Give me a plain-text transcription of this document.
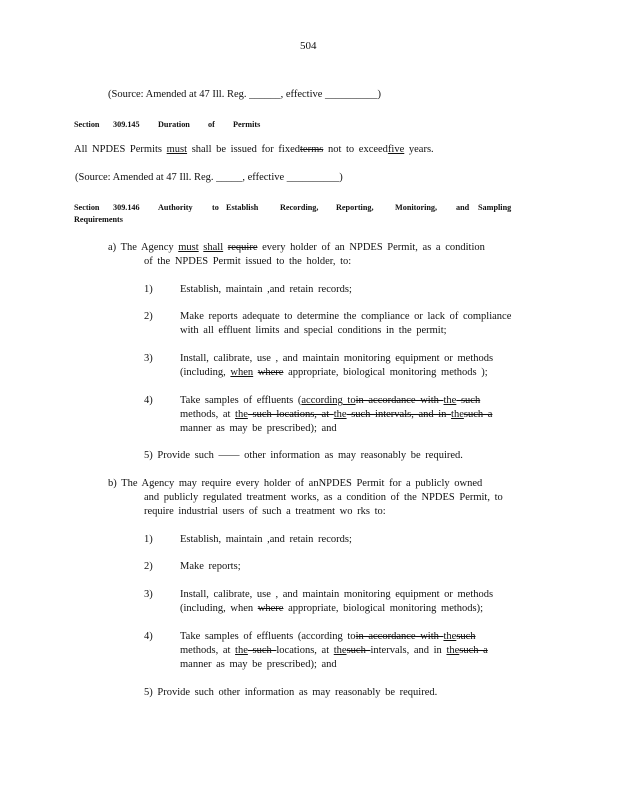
504
(Source: Amended at 47 Ill. Reg. ______, effective __________)
Section 309.145 Duration of Permits
All NPDES Permits must shall be issued for fixedterms not to exceedfive years.
(Source: Amended at 47 Ill. Reg. _____, effective __________)
Section 309.146 Authority to Establish	Recording, Reporting,	Monitoring, and Sampling
Requirements
a) The Agency must shall require every holder of an NPDES Permit, as a condition
of the NPDES Permit issued to the holder, to:
1)	Establish, maintain ,and retain records;
2)	Make reports adequate to determine the compliance or lack of compliance
with all effluent limits and special conditions in the permit;
3)	Install, calibrate, use , and maintain monitoring equipment or methods
(including, when where appropriate, biological monitoring methods );
4)	Take samples of effluents (according toin accordance with the such
methods, at the such locations, at the such intervals, and in thesuch a
manner as may be prescribed); and
5) Provide such —— other information as may reasonably be required.
b) The Agency may require every holder of anNPDES Permit for a publicly owned
and publicly regulated treatment works, as a condition of the NPDES Permit, to
require industrial users of such a treatment wo rks to:
1)	Establish, maintain ,and retain records;
2)	Make reports;
3)	Install, calibrate, use , and maintain monitoring equipment or methods
(including, when where appropriate, biological monitoring methods);
4)	Take samples of effluents (according toin accordance with thesuch
methods, at the such locations, at thesuch intervals, and in thesuch a
manner as may be prescribed); and
5) Provide such other information as may reasonably be required.
